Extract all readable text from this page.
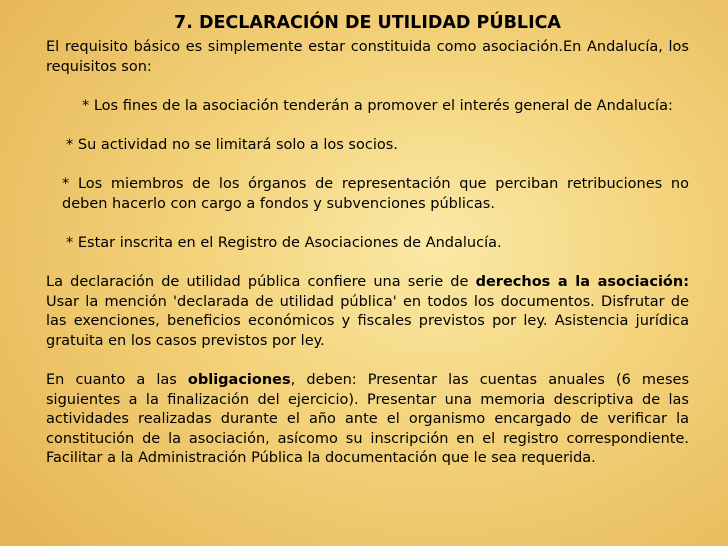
7. DECLARACIÓN DE UTILIDAD PÚBLICA

El requisito básico es simplemente estar constituida como asociación.En Andalucía, los requisitos son:

* Los fines de la asociación tenderán a promover el interés general de Andalucía:

* Su actividad no se limitará solo a los socios.

* Los miembros de los órganos de representación que perciban retribuciones no deben hacerlo con cargo a fondos y subvenciones públicas.

* Estar inscrita en el Registro de Asociaciones de Andalucía.

La declaración de utilidad pública confiere una serie de derechos a la asociación: Usar la mención 'declarada de utilidad pública' en todos los documentos. Disfrutar de las exenciones, beneficios económicos y fiscales previstos por ley. Asistencia jurídica gratuita en los casos previstos por ley.

En cuanto a las obligaciones, deben: Presentar las cuentas anuales (6 meses siguientes a la finalización del ejercicio). Presentar una memoria descriptiva de las actividades realizadas durante el año ante el organismo encargado de verificar la constitución de la asociación, asícomo su inscripción en el registro correspondiente. Facilitar a la Administración Pública la documentación que le sea requerida.
